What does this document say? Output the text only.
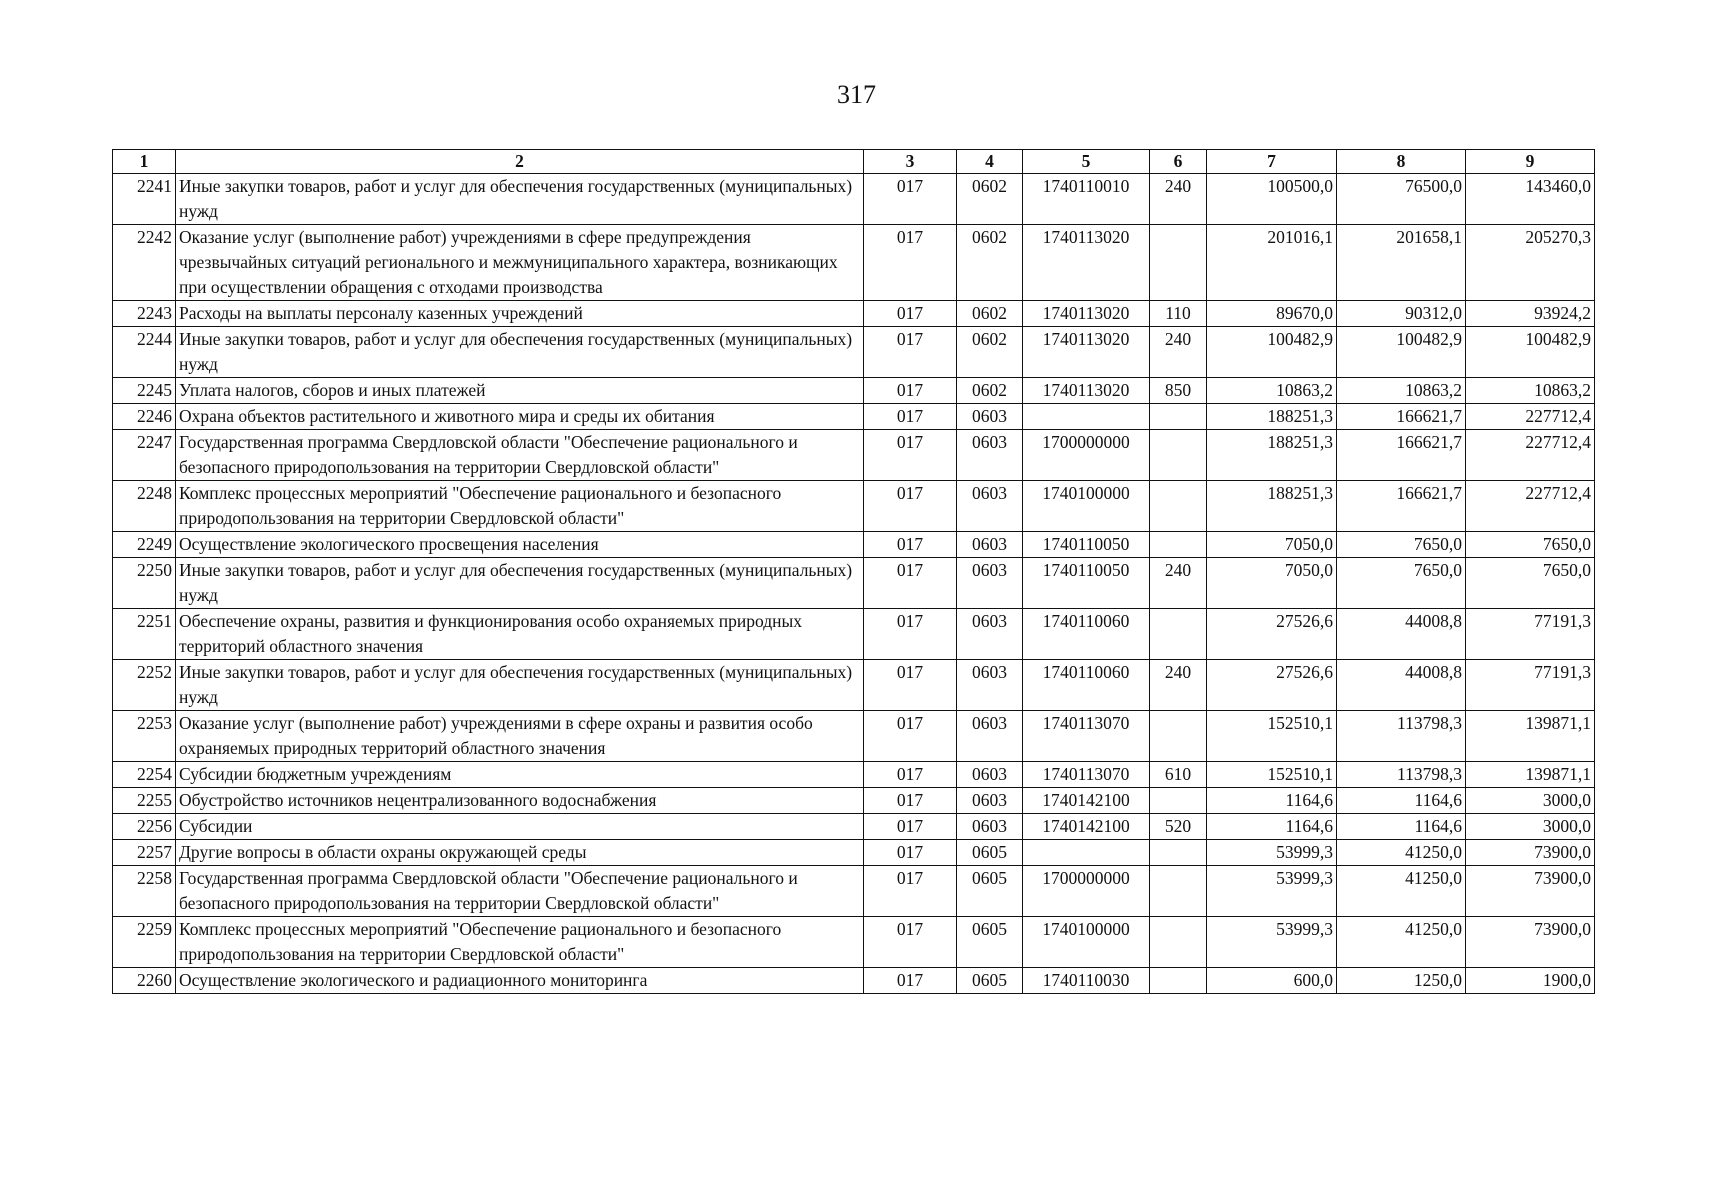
317
1	2	3	4	5	6	7	8	9
2241	Иные закупки товаров, работ и услуг для обеспечения государственных (муниципальных) нужд	017	0602	1740110010	240	100500,0	76500,0	143460,0
2242	Оказание услуг (выполнение работ) учреждениями в сфере предупреждения чрезвычайных ситуаций регионального и межмуниципального характера, возникающих при осуществлении обращения с отходами производства	017	0602	1740113020		201016,1	201658,1	205270,3
2243	Расходы на выплаты персоналу казенных учреждений	017	0602	1740113020	110	89670,0	90312,0	93924,2
2244	Иные закупки товаров, работ и услуг для обеспечения государственных (муниципальных) нужд	017	0602	1740113020	240	100482,9	100482,9	100482,9
2245	Уплата налогов, сборов и иных платежей	017	0602	1740113020	850	10863,2	10863,2	10863,2
2246	Охрана объектов растительного и животного мира и среды их обитания	017	0603			188251,3	166621,7	227712,4
2247	Государственная программа Свердловской области "Обеспечение рационального и безопасного природопользования на территории Свердловской области"	017	0603	1700000000		188251,3	166621,7	227712,4
2248	Комплекс процессных мероприятий "Обеспечение рационального и безопасного природопользования на территории Свердловской области"	017	0603	1740100000		188251,3	166621,7	227712,4
2249	Осуществление экологического просвещения населения	017	0603	1740110050		7050,0	7650,0	7650,0
2250	Иные закупки товаров, работ и услуг для обеспечения государственных (муниципальных) нужд	017	0603	1740110050	240	7050,0	7650,0	7650,0
2251	Обеспечение охраны, развития и функционирования особо охраняемых природных территорий областного значения	017	0603	1740110060		27526,6	44008,8	77191,3
2252	Иные закупки товаров, работ и услуг для обеспечения государственных (муниципальных) нужд	017	0603	1740110060	240	27526,6	44008,8	77191,3
2253	Оказание услуг (выполнение работ) учреждениями в сфере охраны и развития особо охраняемых природных территорий областного значения	017	0603	1740113070		152510,1	113798,3	139871,1
2254	Субсидии бюджетным учреждениям	017	0603	1740113070	610	152510,1	113798,3	139871,1
2255	Обустройство источников нецентрализованного водоснабжения	017	0603	1740142100		1164,6	1164,6	3000,0
2256	Субсидии	017	0603	1740142100	520	1164,6	1164,6	3000,0
2257	Другие вопросы в области охраны окружающей среды	017	0605			53999,3	41250,0	73900,0
2258	Государственная программа Свердловской области "Обеспечение рационального и безопасного природопользования на территории Свердловской области"	017	0605	1700000000		53999,3	41250,0	73900,0
2259	Комплекс процессных мероприятий "Обеспечение рационального и безопасного природопользования на территории Свердловской области"	017	0605	1740100000		53999,3	41250,0	73900,0
2260	Осуществление экологического и радиационного мониторинга	017	0605	1740110030		600,0	1250,0	1900,0
